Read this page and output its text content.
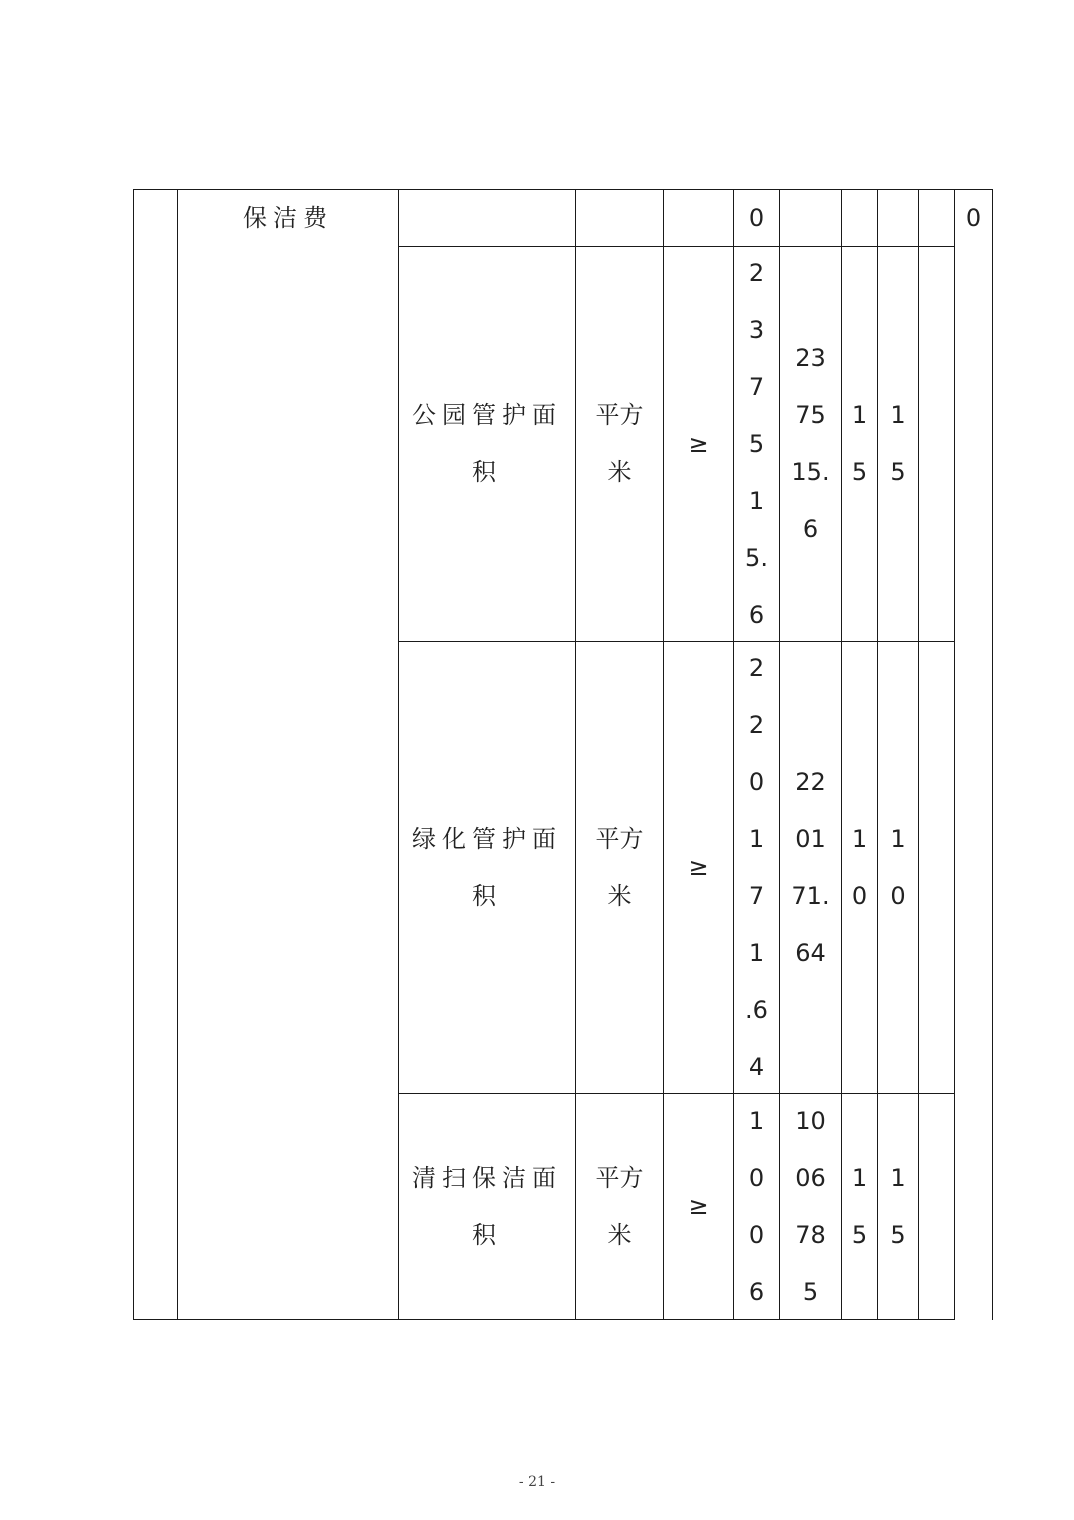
保洁费	0	0
公园管护面
积
平方
米
≥
2
3
7
5
1
5.
6
23
75
15.
6
1
5
1
5
绿化管护面
积
平方
米
≥
2
2
0
1
7
1
.6
4
22
01
71.
64
1
0
1
0
清扫保洁面
积
平方
米
≥
1
0
0
6
10
06
78
5
1
5
1
5
- 21 -
